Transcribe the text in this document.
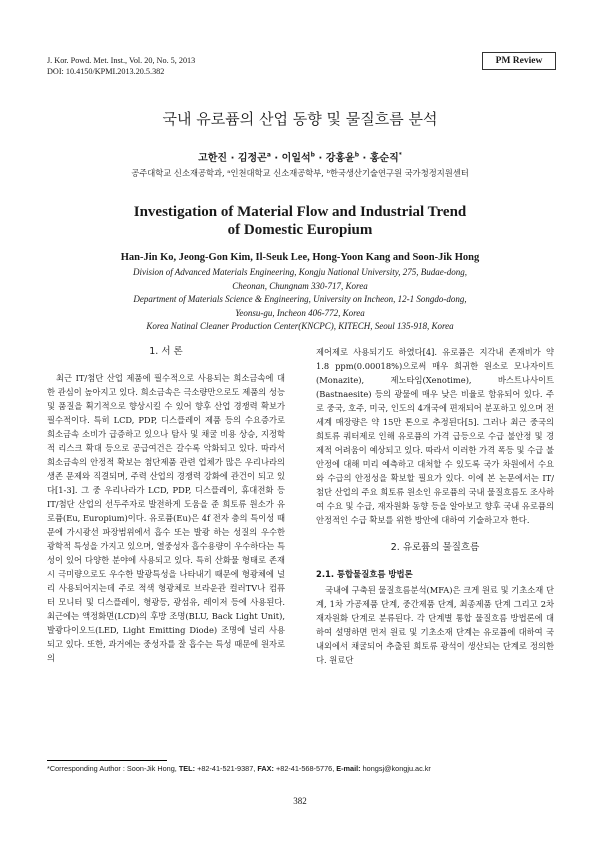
J. Kor. Powd. Met. Inst., Vol. 20, No. 5, 2013
DOI: 10.4150/KPMI.2013.20.5.382
PM Review
국내 유로퓸의 산업 동향 및 물질흐름 분석
고한진 · 김정곤$^a$ · 이일석$^b$ · 강홍윤$^b$ · 홍순직*
공주대학교 신소재공학과, ᵃ인천대학교 신소재공학부, ᵇ한국생산기술연구원 국가청정지원센터
Investigation of Material Flow and Industrial Trend
of Domestic Europium
Han-Jin Ko, Jeong-Gon Kim, Il-Seuk Lee, Hong-Yoon Kang and Soon-Jik Hong
Division of Advanced Materials Engineering, Kongju National University, 275, Budae-dong,
Cheonan, Chungnam 330-717, Korea
Department of Materials Science & Engineering, University on Incheon, 12-1 Songdo-dong,
Yeonsu-gu, Incheon 406-772, Korea
Korea Natinal Cleaner Production Center(KNCPC), KITECH, Seoul 135-918, Korea
1. 서 론

최근 IT/첨단 산업 제품에 필수적으로 사용되는 희소금속에 대한 관심이 높아지고 있다. 희소금속은 극소량만으로도 제품의 성능 및 품질을 획기적으로 향상시킬 수 있어 향후 산업 경쟁력 확보가 필수적이다. 특히 LCD, PDP, 디스플레이 제품 등의 수요증가로 희소금속 소비가 급증하고 있으나 탐사 및 채굴 비용 상승, 지정학적 리스크 확대 등으로 공급여건은 갈수록 악화되고 있다. 따라서 희소금속의 안정적 확보는 첨단제품 관련 업체가 많은 우리나라의 생존 문제와 직결되며, 주력 산업의 경쟁력 강화에 관건이 되고 있다[1-3]. 그 중 우리나라가 LCD, PDP, 디스플레이, 휴대전화 등 IT/첨단 산업의 선두주자로 발전하게 도움을 준 희토류 원소가 유로퓸(Eu, Europium)이다. 유로퓸(Eu)은 4f 전자 층의 특이성 때문에 가시광선 파장범위에서 흡수 또는 발광 하는 성질의 우수한 광학적 특성을 가지고 있으며, 열중성자 흡수용량이 우수하다는 특성이 있어 다양한 분야에 사용되고 있다. 특히 산화물 형태로 존재시 극미량으로도 우수한 발광특성을 나타내기 때문에 형광체에 널리 사용되어지는데 주로 적색 형광체로 브라운관 컬러TV나 컴퓨터 모니터 및 디스플레이, 형광등, 광섬유, 레이저 등에 사용된다. 최근에는 액정화면(LCD)의 후방 조명(BLU, Back Light Unit), 발광다이오드(LED, Light Emitting Diode) 조명에 널리 사용되고 있다. 또한, 과거에는 중성자를 잘 흡수는 특성 때문에 원자로의

제어제로 사용되기도 하였다[4]. 유로퓸은 지각내 존재비가 약 1.8 ppm(0.00018%)으로써 매우 희귀한 원소로 모나자이트(Monazite), 제노타임(Xenotime), 바스트나사이트(Bastnaesite) 등의 광물에 매우 낮은 비율로 함유되어 있다. 주로 중국, 호주, 미국, 인도의 4개국에 편재되어 분포하고 있으며 전 세계 매장량은 약 15만 톤으로 추정된다[5]. 그러나 최근 중국의 희토류 쿼터제로 인해 유로퓸의 가격 급등으로 수급 불안정 및 경제적 어려움이 예상되고 있다. 따라서 이러한 가격 폭등 및 수급 불안정에 대해 미리 예측하고 대처할 수 있도록 국가 차원에서 수요와 수급의 안정성을 확보할 필요가 있다. 이에 본 논문에서는 IT/첨단 산업의 주요 희토류 원소인 유로퓸의 국내 물질흐름도 조사하여 수요 및 수급, 재자원화 동향 등을 알아보고 향후 국내 유로퓸의 안정적인 수급 확보를 위한 방안에 대하여 기술하고자 한다.

2. 유로퓸의 물질흐름
2.1. 통합물질흐름 방법론

국내에 구축된 물질흐름분석(MFA)은 크게 원료 및 기초소재 단계, 1차 가공제품 단계, 중간제품 단계, 최종제품 단계 그리고 2차 재자원화 단계로 분류된다. 각 단계별 통합 물질흐름 방법론에 대하여 설명하면 먼저 원료 및 기초소재 단계는 유로퓸에 대하여 국내외에서 채굴되어 추출된 희토류 광석이 생산되는 단계로 정의한다. 원료단

*Corresponding Author : Soon-Jik Hong, TEL: +82-41-521-9387, FAX: +82-41-568-5776, E-mail: hongsj@kongju.ac.kr
382
